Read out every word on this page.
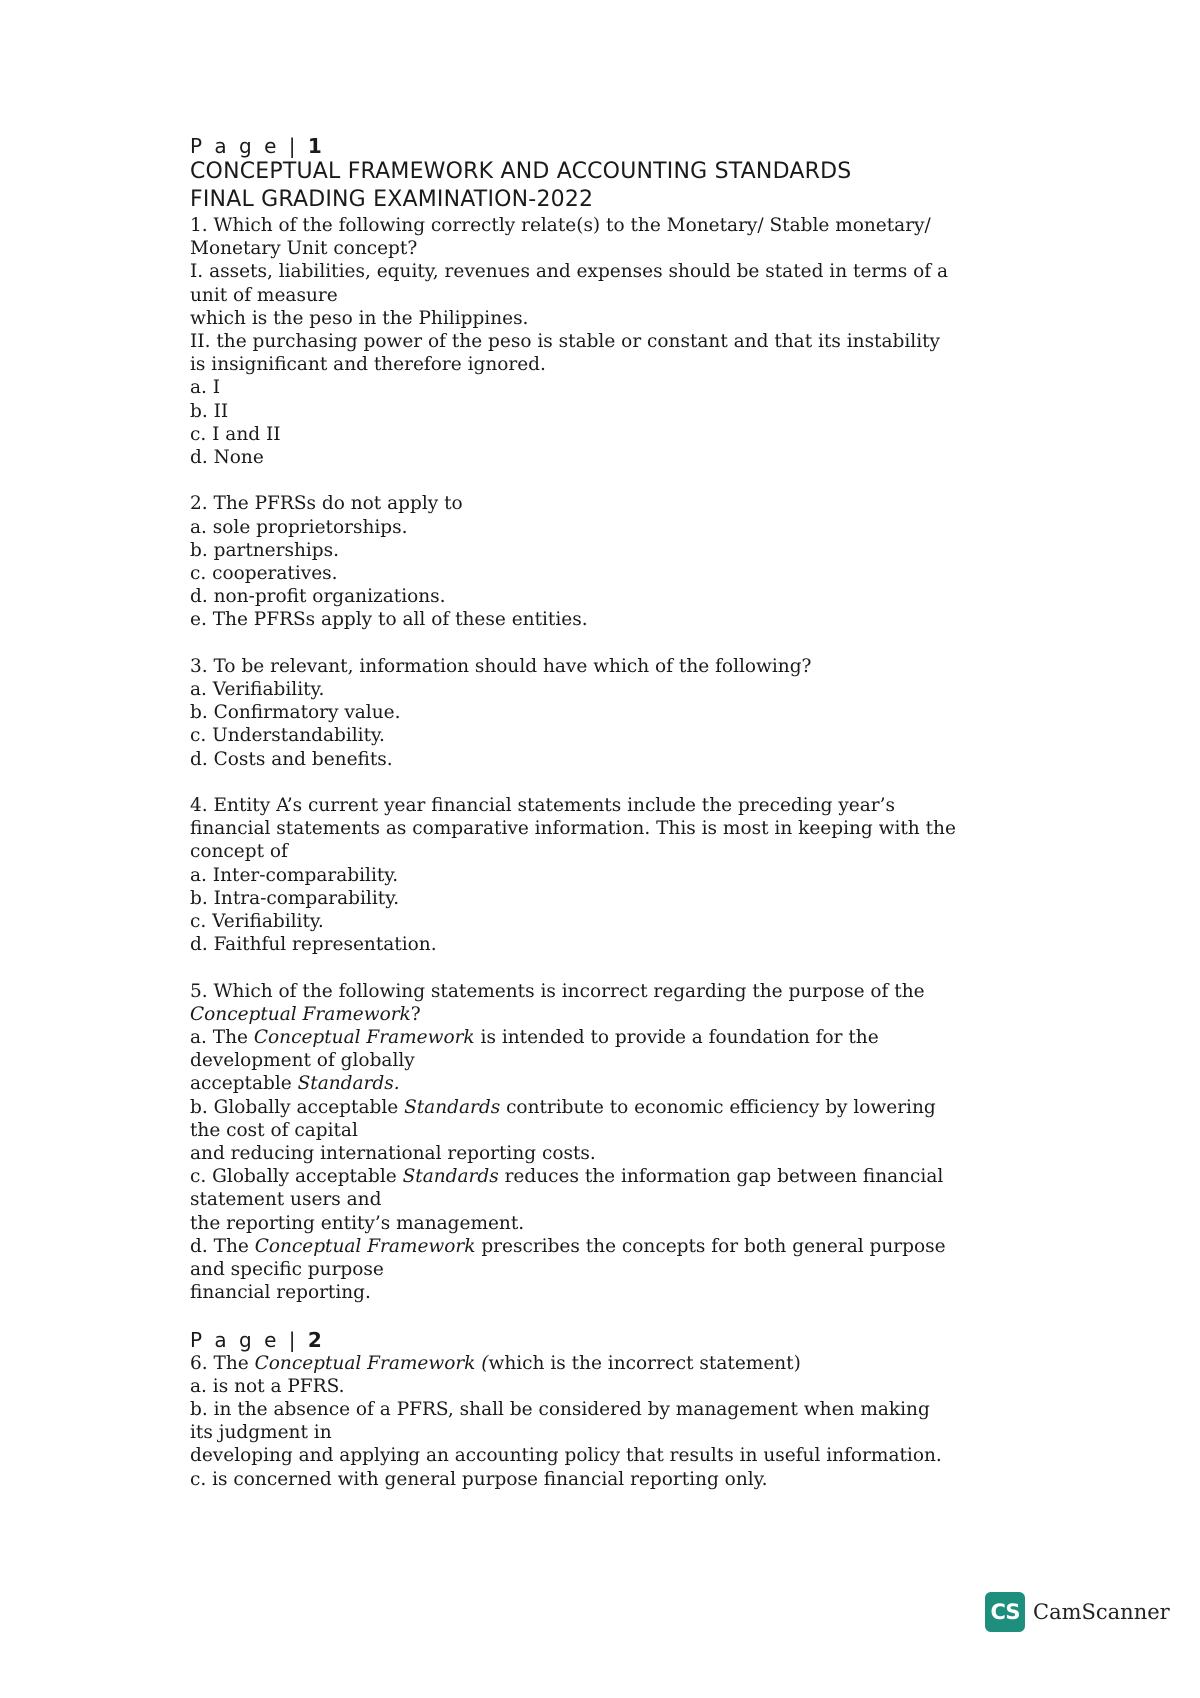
P a g e | 1
CONCEPTUAL FRAMEWORK AND ACCOUNTING STANDARDS
FINAL GRADING EXAMINATION-2022
1. Which of the following correctly relate(s) to the Monetary/ Stable monetary/
Monetary Unit concept?
I. assets, liabilities, equity, revenues and expenses should be stated in terms of a
unit of measure
which is the peso in the Philippines.
II. the purchasing power of the peso is stable or constant and that its instability
is insignificant and therefore ignored.
a. I
b. II
c. I and II
d. None
2. The PFRSs do not apply to
a. sole proprietorships.
b. partnerships.
c. cooperatives.
d. non-profit organizations.
e. The PFRSs apply to all of these entities.
3. To be relevant, information should have which of the following?
a. Verifiability.
b. Confirmatory value.
c. Understandability.
d. Costs and benefits.
4. Entity A’s current year financial statements include the preceding year’s
financial statements as comparative information. This is most in keeping with the
concept of
a. Inter-comparability.
b. Intra-comparability.
c. Verifiability.
d. Faithful representation.
5. Which of the following statements is incorrect regarding the purpose of the
Conceptual Framework?
a. The Conceptual Framework is intended to provide a foundation for the
development of globally
acceptable Standards.
b. Globally acceptable Standards contribute to economic efficiency by lowering
the cost of capital
and reducing international reporting costs.
c. Globally acceptable Standards reduces the information gap between financial
statement users and
the reporting entity’s management.
d. The Conceptual Framework prescribes the concepts for both general purpose
and specific purpose
financial reporting.
P a g e | 2
6. The Conceptual Framework (which is the incorrect statement)
a. is not a PFRS.
b. in the absence of a PFRS, shall be considered by management when making
its judgment in
developing and applying an accounting policy that results in useful information.
c. is concerned with general purpose financial reporting only.
CS CamScanner
